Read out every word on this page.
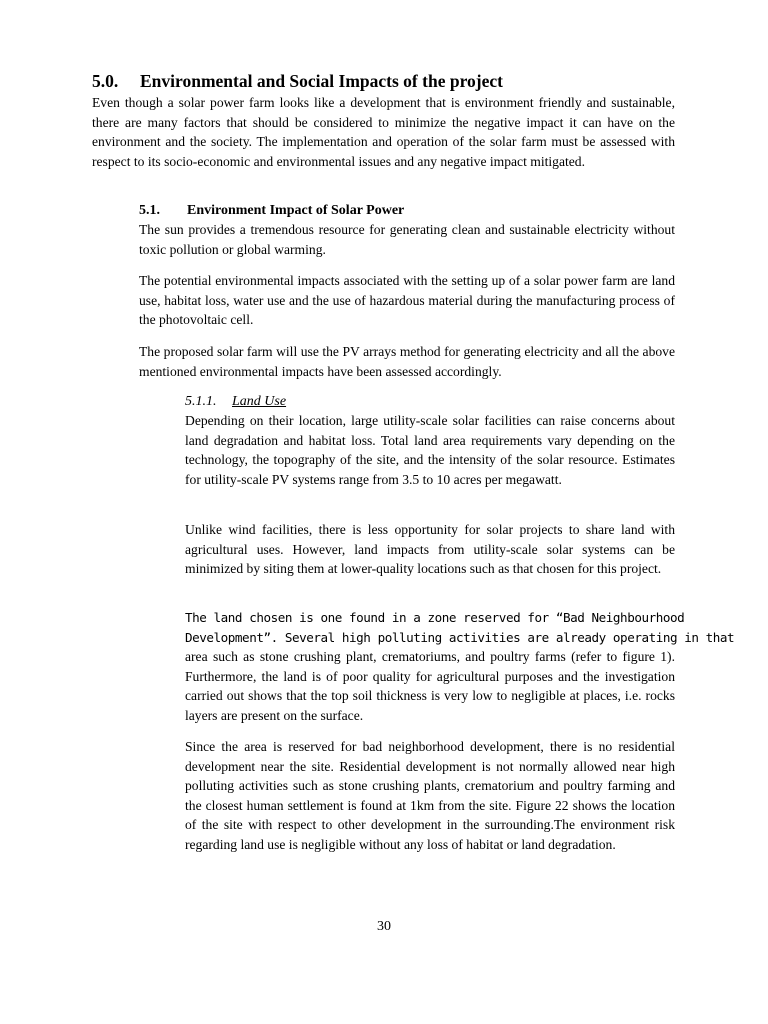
5.0. Environmental and Social Impacts of the project

Even though a solar power farm looks like a development that is environment friendly and sustainable, there are many factors that should be considered to minimize the negative impact it can have on the environment and the society. The implementation and operation of the solar farm must be assessed with respect to its socio-economic and environmental issues and any negative impact mitigated.

5.1. Environment Impact of Solar Power

The sun provides a tremendous resource for generating clean and sustainable electricity without toxic pollution or global warming.

The potential environmental impacts associated with the setting up of a solar power farm are land use, habitat loss, water use and the use of hazardous material during the manufacturing process of the photovoltaic cell.

The proposed solar farm will use the PV arrays method for generating electricity and all the above mentioned environmental impacts have been assessed accordingly.

5.1.1. Land Use

Depending on their location, large utility-scale solar facilities can raise concerns about land degradation and habitat loss. Total land area requirements vary depending on the technology, the topography of the site, and the intensity of the solar resource. Estimates for utility-scale PV systems range from 3.5 to 10 acres per megawatt.

Unlike wind facilities, there is less opportunity for solar projects to share land with agricultural uses. However, land impacts from utility-scale solar systems can be minimized by siting them at lower-quality locations such as that chosen for this project.

The land chosen is one found in a zone reserved for “Bad Neighbourhood
Development”. Several high polluting activities are already operating in that
area such as stone crushing plant, crematoriums, and poultry farms (refer to figure 1). Furthermore, the land is of poor quality for agricultural purposes and the investigation carried out shows that the top soil thickness is very low to negligible at places, i.e. rocks layers are present on the surface.

Since the area is reserved for bad neighborhood development, there is no residential development near the site. Residential development is not normally allowed near high polluting activities such as stone crushing plants, crematorium and poultry farming and the closest human settlement is found at 1km from the site. Figure 22 shows the location of the site with respect to other development in the surrounding.The environment risk regarding land use is negligible without any loss of habitat or land degradation.

30
